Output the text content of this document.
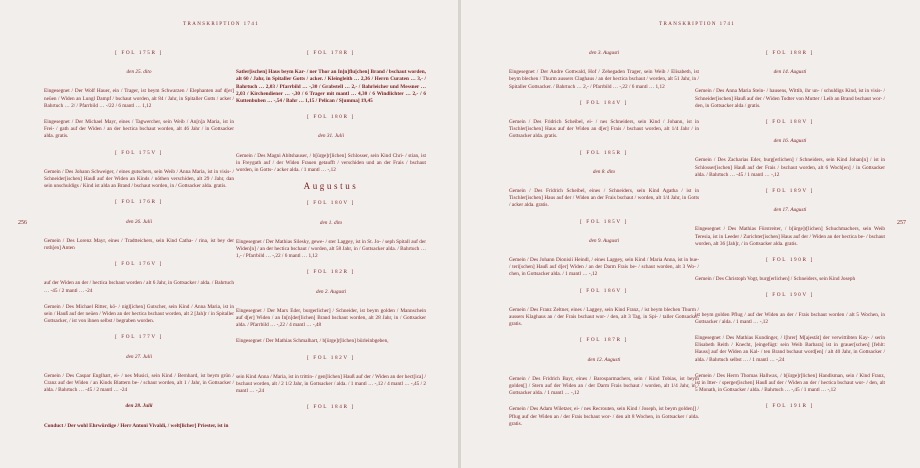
TRANSKRIPTION 1741
256
[ FOL 175R ]
den 25. dito

Eingesegnet / Der Wolf Hauer, ein / Trager, ist beym Schwarzen / Elephanten auf d[er] neüen / Widen an Lungl Dampf / bschaut worden, alt 84 / Jahr, in Spitaller Gotts / acker / Bahrtuch … 2/ / Pfarrbild … -/22 / 6 mantl … 1,12

Eingesegnet / Der Michael Mayr, eines / Tagwercher, sein Weib / An[n]a Maria, ist in Frei- / gath auf der Widen / an der hectica bschaut worden, alt 46 Jahr / in Gottsacker alda. gratis.

[ FOL 175V ]

Gemein / Des Johann Schweiger, / eines gutschers, sein Weib / Anna Maria, ist in visis- / Schneider[ischen] Hauß auf der Widen an Kinds / nöthen verschiden, alt 29 / Jahr, dan sein unschuldigs / Kind ist alda an Brand / bschaut worden, in / Gottsacker alda. gratis.

[ FOL 176R ]
den 26. Julii

Gemein / Des Lorenz Mayr, eines / Tradtteichers, sein Kind Catha- / rina, ist bey der roth[en] Anten

[ FOL 176V ]

auf der Widen an der / hectica bschaut worden / alt 6 Jahr, in Gottsacker / alda. / Bahrtuch … -45 / 2 mantl … -24

Gemein / Des Michael Ritter, kö- / nigl[ichen] Gutscher, sein Kind / Anna Maria, ist in sein / Hauß auf der neüen / Widen an der hectica bschaut worden, alt 2 [Jah]r / in Spitaller Gottsacker, / ist von ihnen selbst / begraben worden.

[ FOL 177V ]
den 27. Julii

Gemein / Des Caspar Englhart, ei- / nes Musici, sein Kind / Bernhard, ist beym grün / Cranz auf der Widen / an Kinds Blattern be- / schaut worden, alt 1 / Jahr, in Gottsacker / alda. / Bahrtuch … -45 / 2 mantl … -24

den 28. Julii

Conduct / Der wohl Ehrwürdige / Herr Antoni Vivaldi, / welt[licher] Priester, ist in

[ FOL 178R ]

Satler[ischen] Haus beym Kar- / ner Thor an In[n]flu[chen] Brand / bschaut worden, alt 60 / Jahr, in Spitaller Gotts / acker. / Kleingleith … 2,36 / Herrn Curaten … 3,- / Bahrtuch … 2,03 / Pfarrbild … -,30 / Grabstell … 2,- / Bahrleicher und Messner … 2,03 / Kirchendiener … -,30 / 6 Trager mit mantl … 4,30 / 6 Windlichter … 2,- / 6 Kuttenbuben … -,54 / Bahr … 1,15 / Pelican / S[umma] 19,45

[ FOL 180R ]
den 31. Julii

Gemein / Des Magni Abltshauser, / b[ürge]r[lichen] Schlosser, sein Kind Chri- / stian, ist in Freygath auf / der Widen Frauen getaufft / verschiden und an der Frais / bschaut worden, in Gotts- / acker alda. / 1 mantl … -,12

Augustus
[ FOL 180V ]
den 1. dito

Eingesegnet / Der Mathias Silesky, gewe- / ster Laggey, ist in St. Jo- / seph Spitall auf der Widen[n] / an der hectica bschaut / worden, alt 58 Jahr, in / Gottsacker alda. / Bahrtuch … 1,- / Pfarrbild … -,22 / 6 mantl … 1,12

[ FOL 182R ]
den 2. Augusti

Eingesegnet / Der Marx Eder, burgerlicher] / Schneider, ist beym golden / Mannschein auf d[er] Widen / an In[n]der[lichen] Brand bschaut worden, alt 28 Jahr, in / Gottsacker alda. / Pfarrbild … -,22 / 4 mantl … -,48

Eingesegnet / Der Mathias Schmalhart, / b[ürge]r[lichen] bürleinbgeben,

[ FOL 182V ]

sein Kind Anna / Maria, ist in trittin- / gen[lichen] Hauß auf der / Widen an der hect[ica] / bschaut worden, alt / 2 1/2 Jahr, in Gottsacker / alda. / 1 mantl … -,12 / 4 mantl … -,45 / 2 mantl … -,24

[ FOL 184R ]
TRANSKRIPTION 1741
257
den 3. Augusti

Eingesegnet / Der Andre Gottwald, Hof / Zehegaden Trager, sein Weib / Elisabeth, ist beym blechen / Thurm aussers Claghaus / an der hectica bschaut / worden, alt 51 Jahr, in / Spitaller Gottsacker. / Bahrtuch … 2,- / Pfarrbild … -,22 / 6 mantl … 1,12

[ FOL 184V ]

Gemein / Des Fridrich Scheibel, ei- / nes Schneiders, sein Kind / Johann, ist in Tischler[ischen] Haus auf der Widen an d[er] Frais / bschaut worden, alt 1/4 Jahr / in Gottsacker alda. gratis.

[ FOL 185R ]
den 8. dito

Gemein / Des Fridrich Scheibel, eines / Schneiders, sein Kind Agatha / ist in Tischler[ischen] Haus auf der / Widen an der Frais bschaut / worden, alt 1/4 Jahr, in Gotts / acker alda. gratis.

[ FOL 185V ]
den 9. Augusti

Gemein / Des Johann Dionisii Heindl, / eines Laggey, sein Kind / Maria Anna, ist in bue- / teri[schen] Hauß auf d[er] Widen / an der Darm Frais be- / schaut worden, alt 3 Wo- / chen, in Gottsacker alda. / 1 mantl … -,12

[ FOL 186V ]

Gemein / Des Franz Zeltner, eines / Laggey, sein Kind Franz, / ist beym blechen Thurm / aussers Klaghaus an / der Frais bschaut wor- / den, alt 3 Tag, in Spi- / taller Gottsacker. gratis.

[ FOL 187R ]
den 12. Augusti

Gemein / Des Fridrich Bayr, eines / Barosparmachers, sein / Kind Tobias, ist beym golden[] / Stern auf der Widen an / der Darm Frais bschaut / worden, alt 1/4 Jahr, in / Gottsacker alda. / 1 mantl … -,12

Gemein / Des Adam Wiletzer, ei- / nes Recrouten, sein Kind / Joseph, ist beym golden[] / Pflug auf der Widen an / der Frais bschaut wor- / den alt 8 Wochen, in Gottsacker / alda. gratis.

[ FOL 188R ]
den 14. Augusti

Gemein / Des Anna Maria Stein- / hausens, Wittib, ihr un- / schuldigs Kind, ist in visis- / Schneider[ischen] Hauß auf der / Widen Todter von Mutter / Leib an Brand bschaut wor- / den, in Gottsacker alda / gratis.

[ FOL 188V ]
den 16. Augusti

Gemein / Des Zacharias Eder, burg[erlichen] / Schneiders, sein Kind Johan[n] / ist in Schlosser[ischen] Hauß auf der Frais / bschaut worden, alt 6 Woch[en] / in Gottsacker alda. / Bahrtuch … -45 / 1 mantl … -,12

[ FOL 189V ]
den 17. Augusti

Eingesegnet / Des Mathias Fürstreiter, / b[ürge]r[lichen] Schuchmachers, sein Weib Teresia, ist in Leeder / Zurichter[ischen] Haus auf der / Widen an der hectica be- / bschaut worden, alt 36 [Jah]r, / in Gottsacker alda. gratis.

[ FOL 190R ]

Gemein / Des Christoph Vogt, burg[erlichen] / Schneiders, sein Kind Joseph

[ FOL 190V ]

ist beym golden Pflug / auf der Widen an der / Frais bschaut worden / alt 5 Wochen, in Gottsacker / alda. / 1 mantl … -,12

Eingesegnet / Des Mathias Kundinger, / l[hrer] M[ajestät] der verwittibten Kay- / serin Elisabeth Reith / Knecht, [eingefügt: sein Weib Barbara] ist in grauer[schen] [fehlt: Hauss] auf der Widen an Kal- / ten Brand bschaut word[en] / alt 40 Jahr, in Gottsacker / alda. / Bahrtuch selbst … / 1 mantl … -,24

Gemein / Des Herrn Thomas Hallwax, / b[ürge]r[lichen] Handlsman, sein / Kind Franz, ist in Itter- / sperger[ischen] Hauß auf der / Widen an der / hectica bschaut wor- / den, alt 5 Monath, in Gottsacker / alda. / Bahrtuch … -,45 / 1 mantl … -,12

[ FOL 191R ]
